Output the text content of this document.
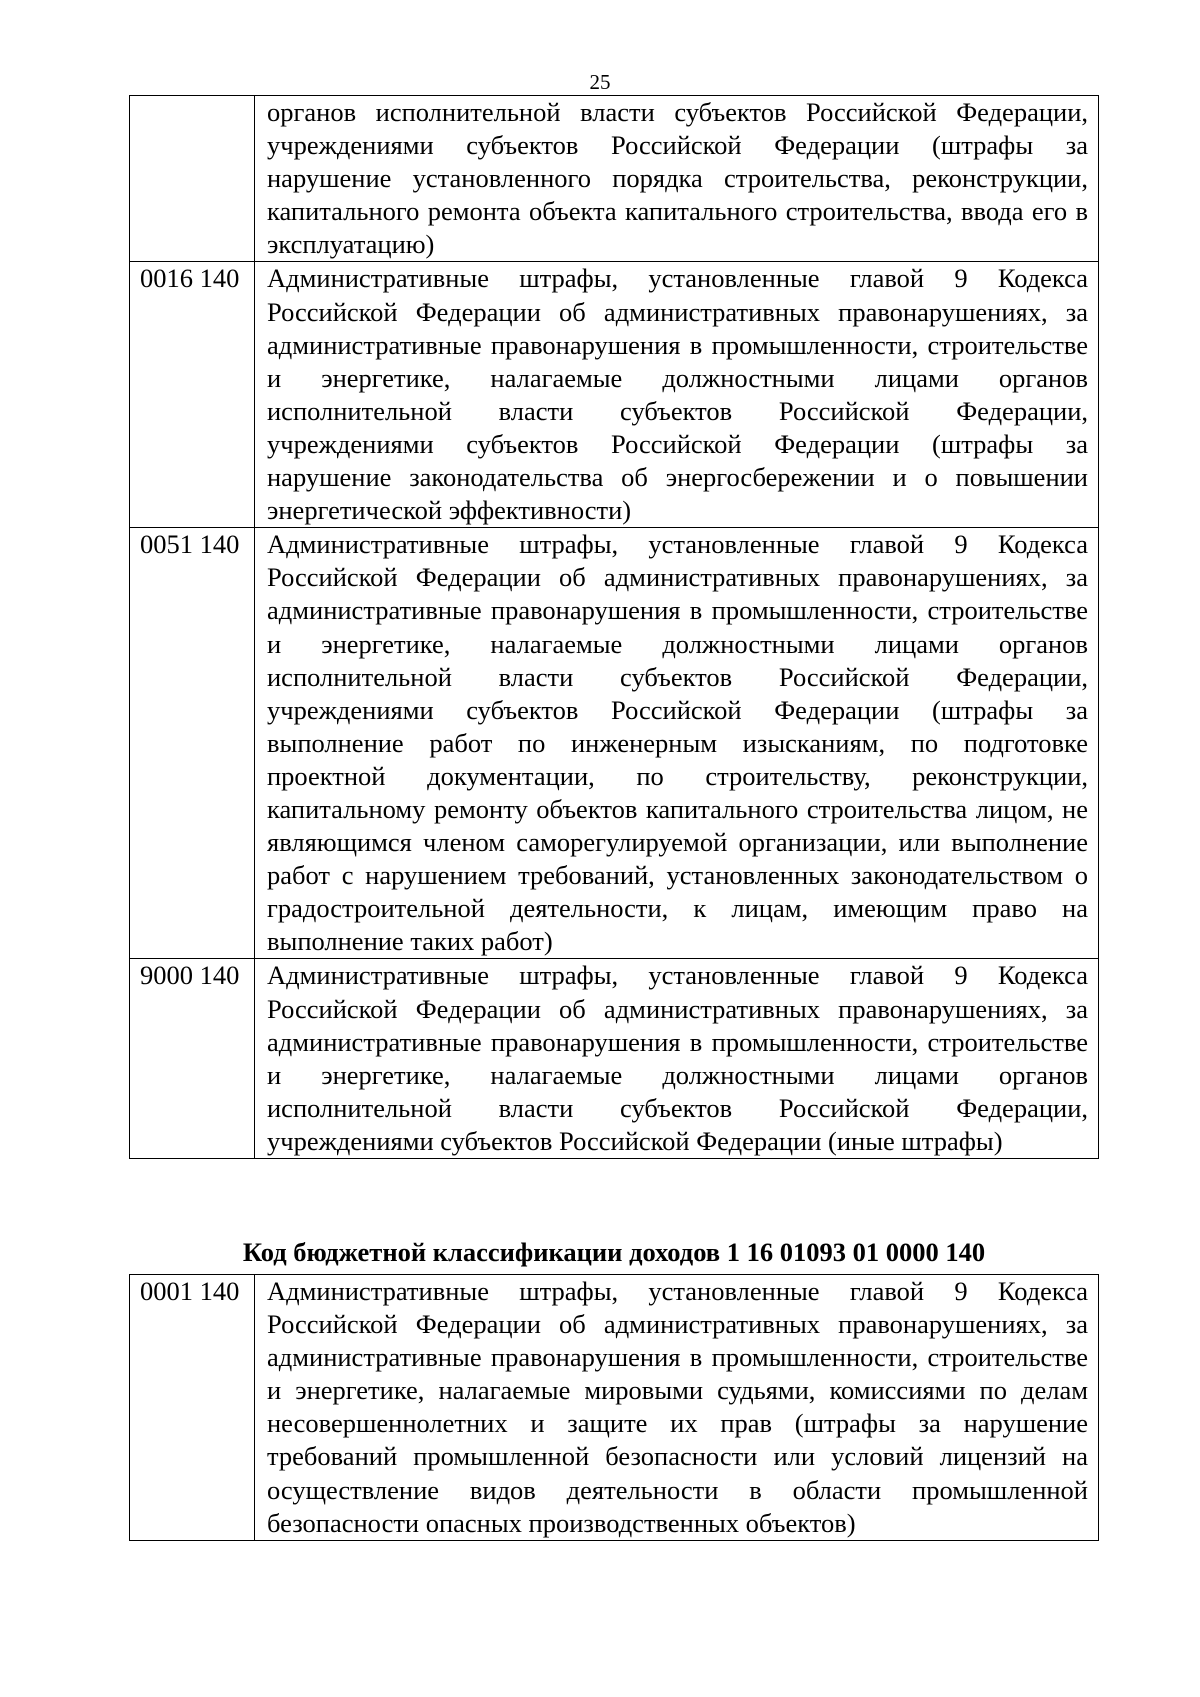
25
	органов исполнительной власти субъектов Российской Федерации, учреждениями субъектов Российской Федерации (штрафы за нарушение установленного порядка строительства, реконструкции, капитального ремонта объекта капитального строительства, ввода его в эксплуатацию)
0016 140	Административные штрафы, установленные главой 9 Кодекса Российской Федерации об административных правонарушениях, за административные правонарушения в промышленности, строительстве и энергетике, налагаемые должностными лицами органов исполнительной власти субъектов Российской Федерации, учреждениями субъектов Российской Федерации (штрафы за нарушение законодательства об энергосбережении и о повышении энергетической эффективности)
0051 140	Административные штрафы, установленные главой 9 Кодекса Российской Федерации об административных правонарушениях, за административные правонарушения в промышленности, строительстве и энергетике, налагаемые должностными лицами органов исполнительной власти субъектов Российской Федерации, учреждениями субъектов Российской Федерации (штрафы за выполнение работ по инженерным изысканиям, по подготовке проектной документации, по строительству, реконструкции, капитальному ремонту объектов капитального строительства лицом, не являющимся членом саморегулируемой организации, или выполнение работ с нарушением требований, установленных законодательством о градостроительной деятельности, к лицам, имеющим право на выполнение таких работ)
9000 140	Административные штрафы, установленные главой 9 Кодекса Российской Федерации об административных правонарушениях, за административные правонарушения в промышленности, строительстве и энергетике, налагаемые должностными лицами органов исполнительной власти субъектов Российской Федерации, учреждениями субъектов Российской Федерации (иные штрафы)
Код бюджетной классификации доходов 1 16 01093 01 0000 140
0001 140	Административные штрафы, установленные главой 9 Кодекса Российской Федерации об административных правонарушениях, за административные правонарушения в промышленности, строительстве и энергетике, налагаемые мировыми судьями, комиссиями по делам несовершеннолетних и защите их прав (штрафы за нарушение требований промышленной безопасности или условий лицензий на осуществление видов деятельности в области промышленной безопасности опасных производственных объектов)
